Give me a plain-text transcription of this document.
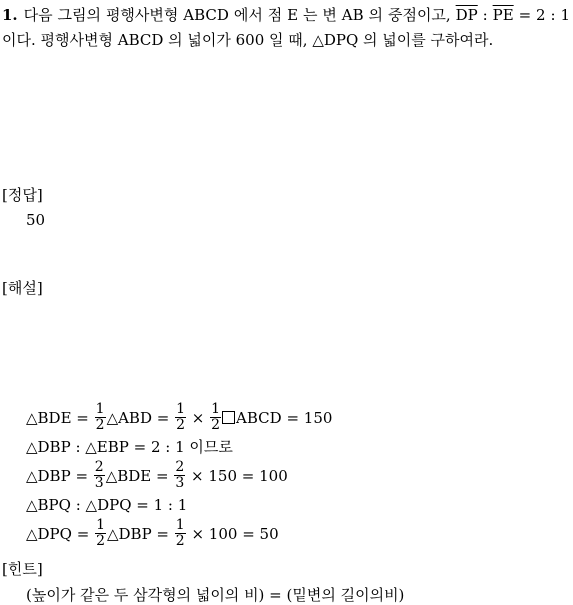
1. 다음 그림의 평행사변형 ABCD 에서 점 E 는 변 AB 의 중점이고, $\overline{DP}$ : $\overline{PE} = 2$ : 1 이다. 평행사변형 ABCD 의 넓이가 600 일 때, △DPQ 의 넓이를 구하여라.
[정답]
50
[해설]
△BDE = $\frac{1}{2}$ △ABD = $\frac{1}{2} \times \frac{1}{2}$ ABCD = 150
△DBP : △EBP = 2 : 1 이므로
△DBP = $\frac{2}{3}$ △BDE = $\frac{2}{3} \times 150 = 100$
△BPQ : △DPQ = 1 : 1
△DPQ = $\frac{1}{2}$ △DBP = $\frac{1}{2} \times 100 = 50$
[힌트]
(높이가 같은 두 삼각형의 넓이의 비) = (밑변의 길이의비)
